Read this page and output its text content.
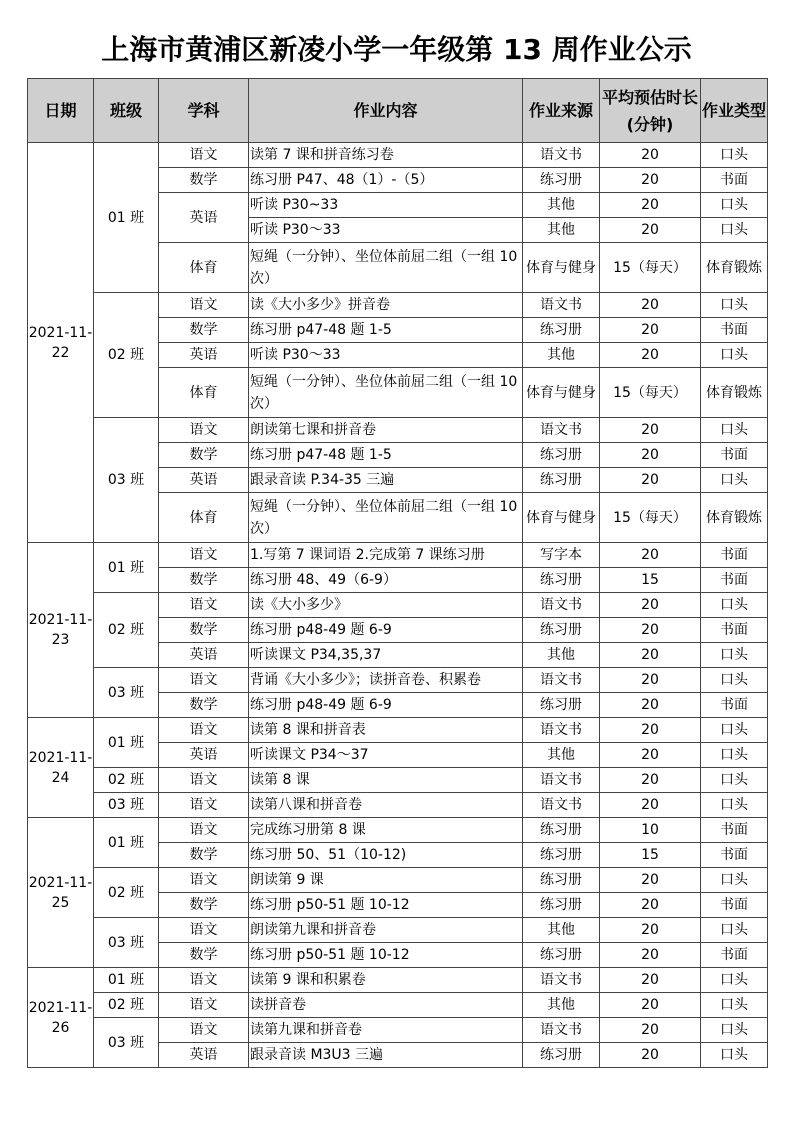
上海市黄浦区新凌小学一年级第 13 周作业公示
日期	班级	学科	作业内容	作业来源	平均预估时长(分钟)	作业类型
2021-11-22	01 班	语文	读第 7 课和拼音练习卷	语文书	20	口头
		数学	练习册 P47、48（1）-（5）	练习册	20	书面
		英语	听读 P30~33	其他	20	口头
			听读 P30～33	其他	20	口头
		体育	短绳（一分钟）、坐位体前屈二组（一组 10 次）	体育与健身	15（每天）	体育锻炼
	02 班	语文	读《大小多少》拼音卷	语文书	20	口头
		数学	练习册 p47-48 题 1-5	练习册	20	书面
		英语	听读 P30～33	其他	20	口头
		体育	短绳（一分钟）、坐位体前屈二组（一组 10 次）	体育与健身	15（每天）	体育锻炼
	03 班	语文	朗读第七课和拼音卷	语文书	20	口头
		数学	练习册 p47-48 题 1-5	练习册	20	书面
		英语	跟录音读 P.34-35 三遍	练习册	20	口头
		体育	短绳（一分钟）、坐位体前屈二组（一组 10 次）	体育与健身	15（每天）	体育锻炼
2021-11-23	01 班	语文	1.写第 7 课词语 2.完成第 7 课练习册	写字本	20	书面
		数学	练习册 48、49（6-9）	练习册	15	书面
	02 班	语文	读《大小多少》	语文书	20	口头
		数学	练习册 p48-49 题 6-9	练习册	20	书面
		英语	听读课文 P34,35,37	其他	20	口头
	03 班	语文	背诵《大小多少》；读拼音卷、积累卷	语文书	20	口头
		数学	练习册 p48-49 题 6-9	练习册	20	书面
2021-11-24	01 班	语文	读第 8 课和拼音表	语文书	20	口头
		英语	听读课文 P34～37	其他	20	口头
	02 班	语文	读第 8 课	语文书	20	口头
	03 班	语文	读第八课和拼音卷	语文书	20	口头
2021-11-25	01 班	语文	完成练习册第 8 课	练习册	10	书面
		数学	练习册 50、51（10-12)	练习册	15	书面
	02 班	语文	朗读第 9 课	练习册	20	口头
		数学	练习册 p50-51 题 10-12	练习册	20	书面
	03 班	语文	朗读第九课和拼音卷	其他	20	口头
		数学	练习册 p50-51 题 10-12	练习册	20	书面
2021-11-26	01 班	语文	读第 9 课和积累卷	语文书	20	口头
	02 班	语文	读拼音卷	其他	20	口头
	03 班	语文	读第九课和拼音卷	语文书	20	口头
		英语	跟录音读 M3U3 三遍	练习册	20	口头
